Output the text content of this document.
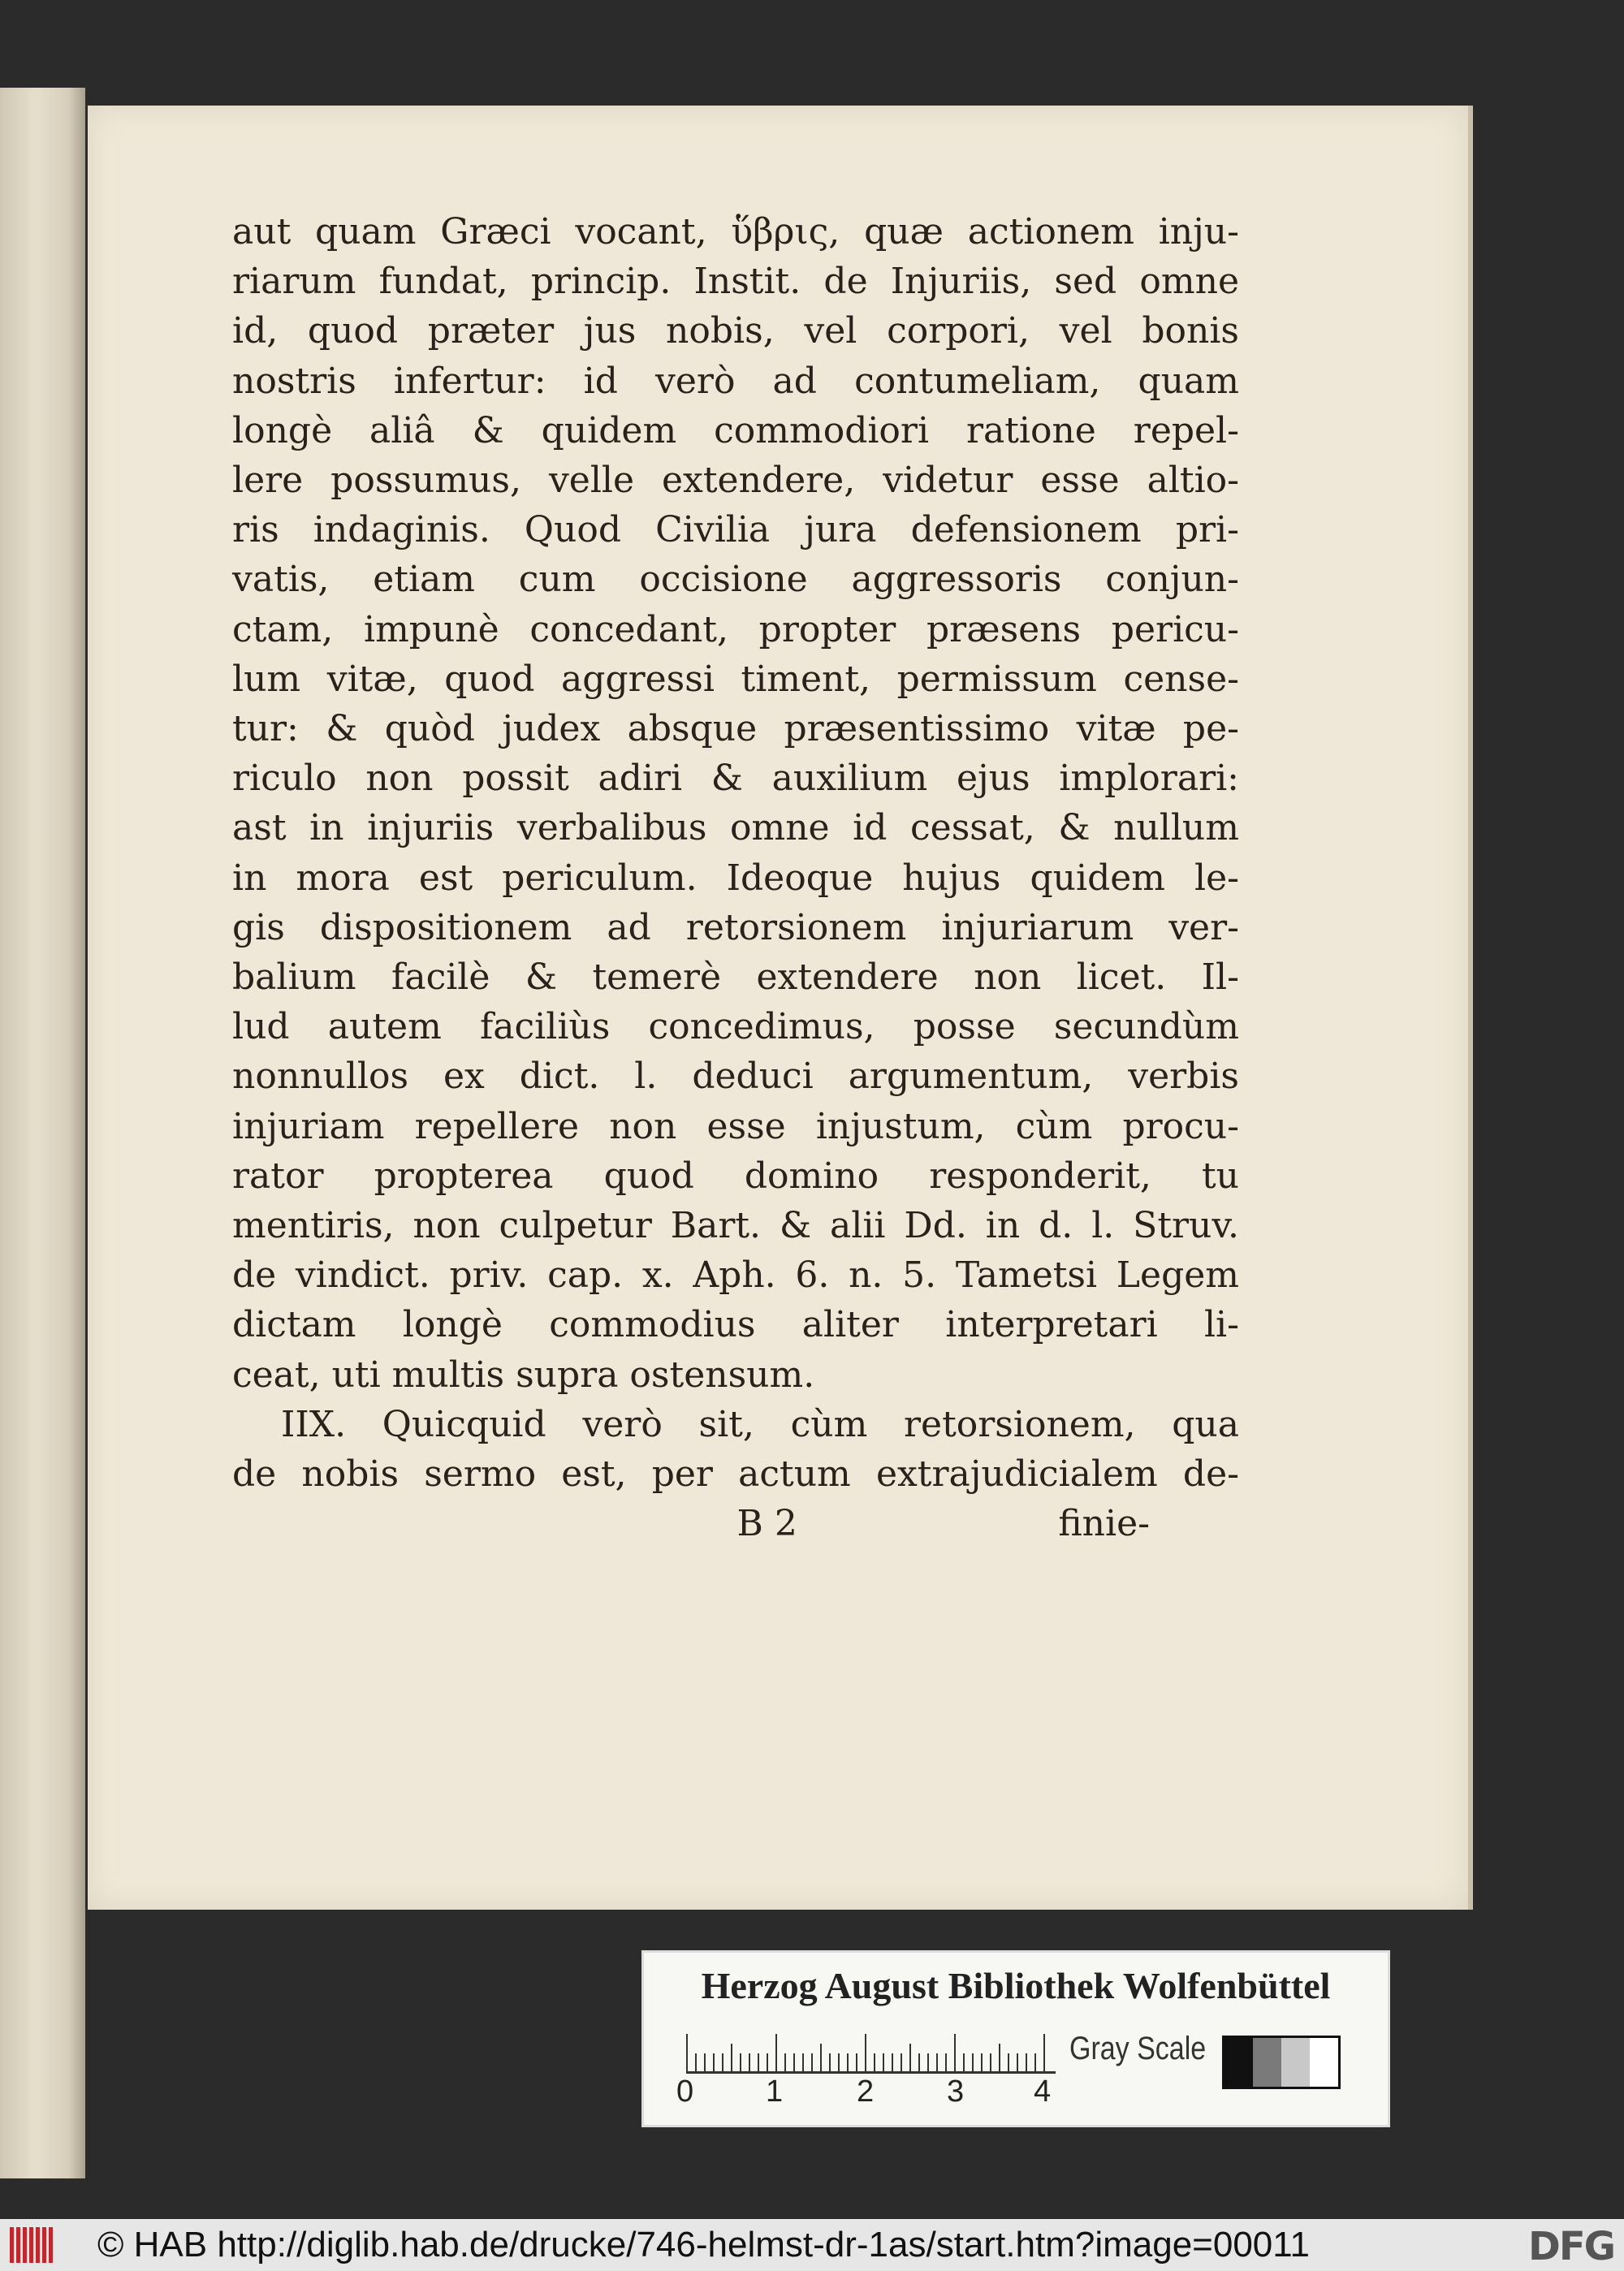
aut quam Græci vocant, ὕβρις, quæ actionem inju-
riarum fundat, princip. Instit. de Injuriis, sed omne
id, quod præter jus nobis, vel corpori, vel bonis
nostris infertur: id verò ad contumeliam, quam
longè aliâ & quidem commodiori ratione repel-
lere possumus, velle extendere, videtur esse altio-
ris indaginis. Quod Civilia jura defensionem pri-
vatis, etiam cum occisione aggressoris conjun-
ctam, impunè concedant, propter præsens pericu-
lum vitæ, quod aggressi timent, permissum cense-
tur: & quòd judex absque præsentissimo vitæ pe-
riculo non possit adiri & auxilium ejus implorari:
ast in injuriis verbalibus omne id cessat, & nullum
in mora est periculum. Ideoque hujus quidem le-
gis dispositionem ad retorsionem injuriarum ver-
balium facilè & temerè extendere non licet. Il-
lud autem faciliùs concedimus, posse secundùm
nonnullos ex dict. l. deduci argumentum, verbis
injuriam repellere non esse injustum, cùm procu-
rator propterea quod domino responderit, tu
mentiris, non culpetur Bart. & alii Dd. in d. l. Struv.
de vindict. priv. cap. x. Aph. 6. n. 5. Tametsi Legem
dictam longè commodius aliter interpretari li-
ceat, uti multis supra ostensum.
IIX. Quicquid verò sit, cùm retorsionem, qua
de nobis sermo est, per actum extrajudicialem de-
B 2	finie-
Herzog August Bibliothek Wolfenbüttel
0 1 2 3 4
Gray Scale
© HAB http://diglib.hab.de/drucke/746-helmst-dr-1as/start.htm?image=00011	DFG
